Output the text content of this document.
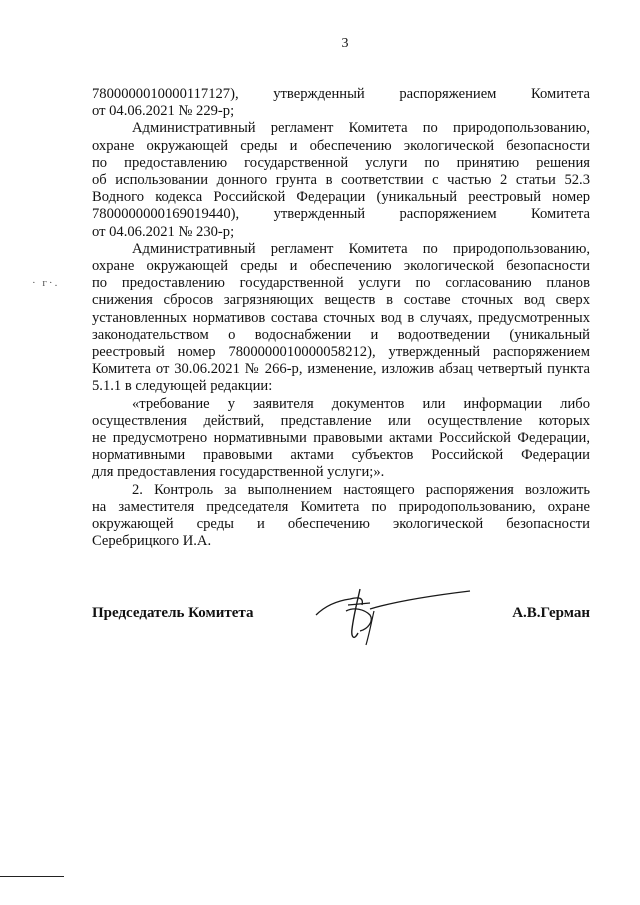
3
· г·.
7800000010000117127), утвержденный распоряжением Комитета
от 04.06.2021 № 229-р;
Административный регламент Комитета по природопользованию,
охране окружающей среды и обеспечению экологической безопасности
по предоставлению государственной услуги по принятию решения
об использовании донного грунта в соответствии с частью 2 статьи 52.3
Водного кодекса Российской Федерации (уникальный реестровый номер
7800000000169019440), утвержденный распоряжением Комитета
от 04.06.2021 № 230-р;
Административный регламент Комитета по природопользованию,
охране окружающей среды и обеспечению экологической безопасности
по предоставлению государственной услуги по согласованию планов
снижения сбросов загрязняющих веществ в составе сточных вод сверх
установленных нормативов состава сточных вод в случаях, предусмотренных
законодательством о водоснабжении и водоотведении (уникальный
реестровый номер 7800000010000058212), утвержденный распоряжением
Комитета от 30.06.2021 № 266-р, изменение, изложив абзац четвертый пункта
5.1.1 в следующей редакции:
«требование у заявителя документов или информации либо
осуществления действий, представление или осуществление которых
не предусмотрено нормативными правовыми актами Российской Федерации,
нормативными правовыми актами субъектов Российской Федерации
для предоставления государственной услуги;».
2. Контроль за выполнением настоящего распоряжения возложить
на заместителя председателя Комитета по природопользованию, охране
окружающей среды и обеспечению экологической безопасности
Серебрицкого И.А.
Председатель Комитета	А.В.Герман
